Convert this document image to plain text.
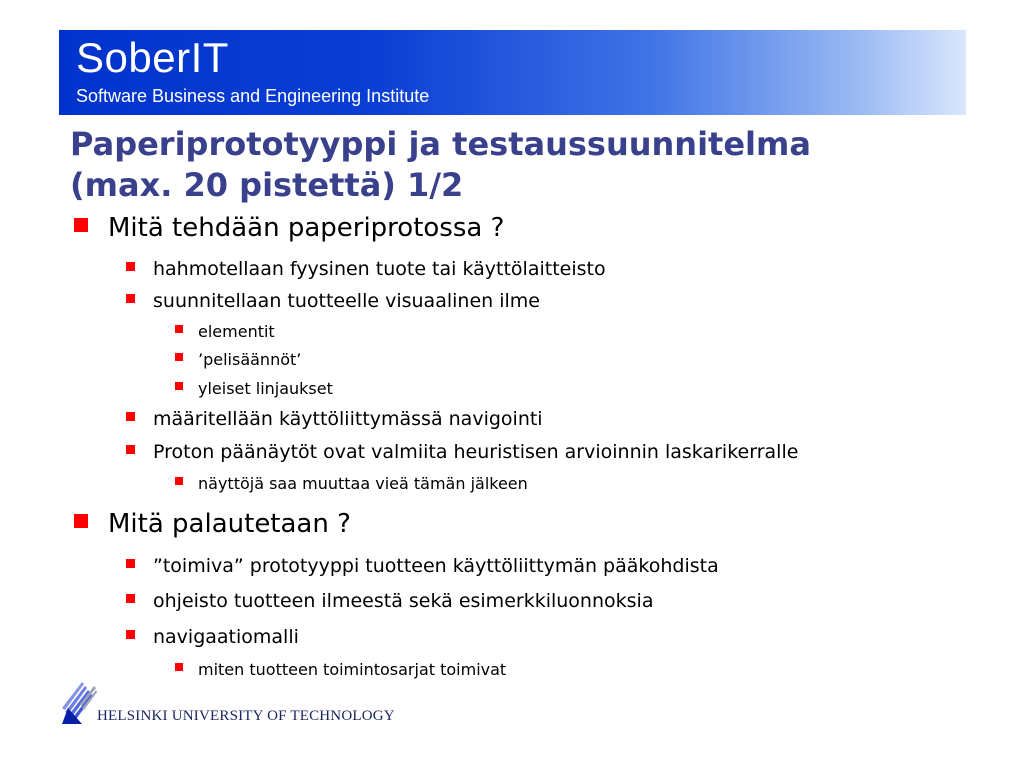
SoberIT
Software Business and Engineering Institute
Paperiprototyyppi ja testaussuunnitelma
(max. 20 pistettä) 1/2
Mitä tehdään paperiprotossa ?
hahmotellaan fyysinen tuote tai käyttölaitteisto
suunnitellaan tuotteelle visuaalinen ilme
elementit
’pelisäännöt’
yleiset linjaukset
määritellään käyttöliittymässä navigointi
Proton päänäytöt ovat valmiita heuristisen arvioinnin laskarikerralle
näyttöjä saa muuttaa vieä tämän jälkeen
Mitä palautetaan ?
”toimiva” prototyyppi tuotteen käyttöliittymän pääkohdista
ohjeisto tuotteen ilmeestä sekä esimerkkiluonnoksia
navigaatiomalli
miten tuotteen toimintosarjat toimivat
HELSINKI UNIVERSITY OF TECHNOLOGY
